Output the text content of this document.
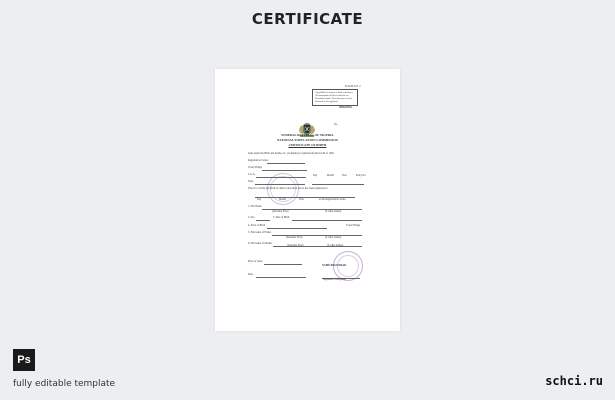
CERTIFICATE
Form B, Pof. 2
Copy/Mark on copies of birth certificates
All information in this certificate are
Non-transferable. This document is to be
Retained to the applicant
ORIGINAL
No.
FEDERAL REPUBLIC OF NIGERIA
NATIONAL POPULATION COMMISSION
CERTIFICATE OF BIRTH
Issue under the Birth and deaths, etc. (Compulsory registration) Decree 69 of 1992
Registration Centre
Town/Village
L.G.A.	Day	Month	Year	Entry No.
State
This is to certify that birth of child as described below has been registered in
Day	Month	Year	at the Registration Centre
1. Full Name
(Surname First)	(3 other names)
2. Sex	3. Date of Birth
4. Place of Birth	Town/Village
5. Full name of Father
(Surname First)	(3 other names)
6. Full name of Mother
(Surname First)	(3 other names)
Place of Issue
NAME REGISTRAR
Signature of Registrar
Date
Ps
fully editable template	schci.ru
